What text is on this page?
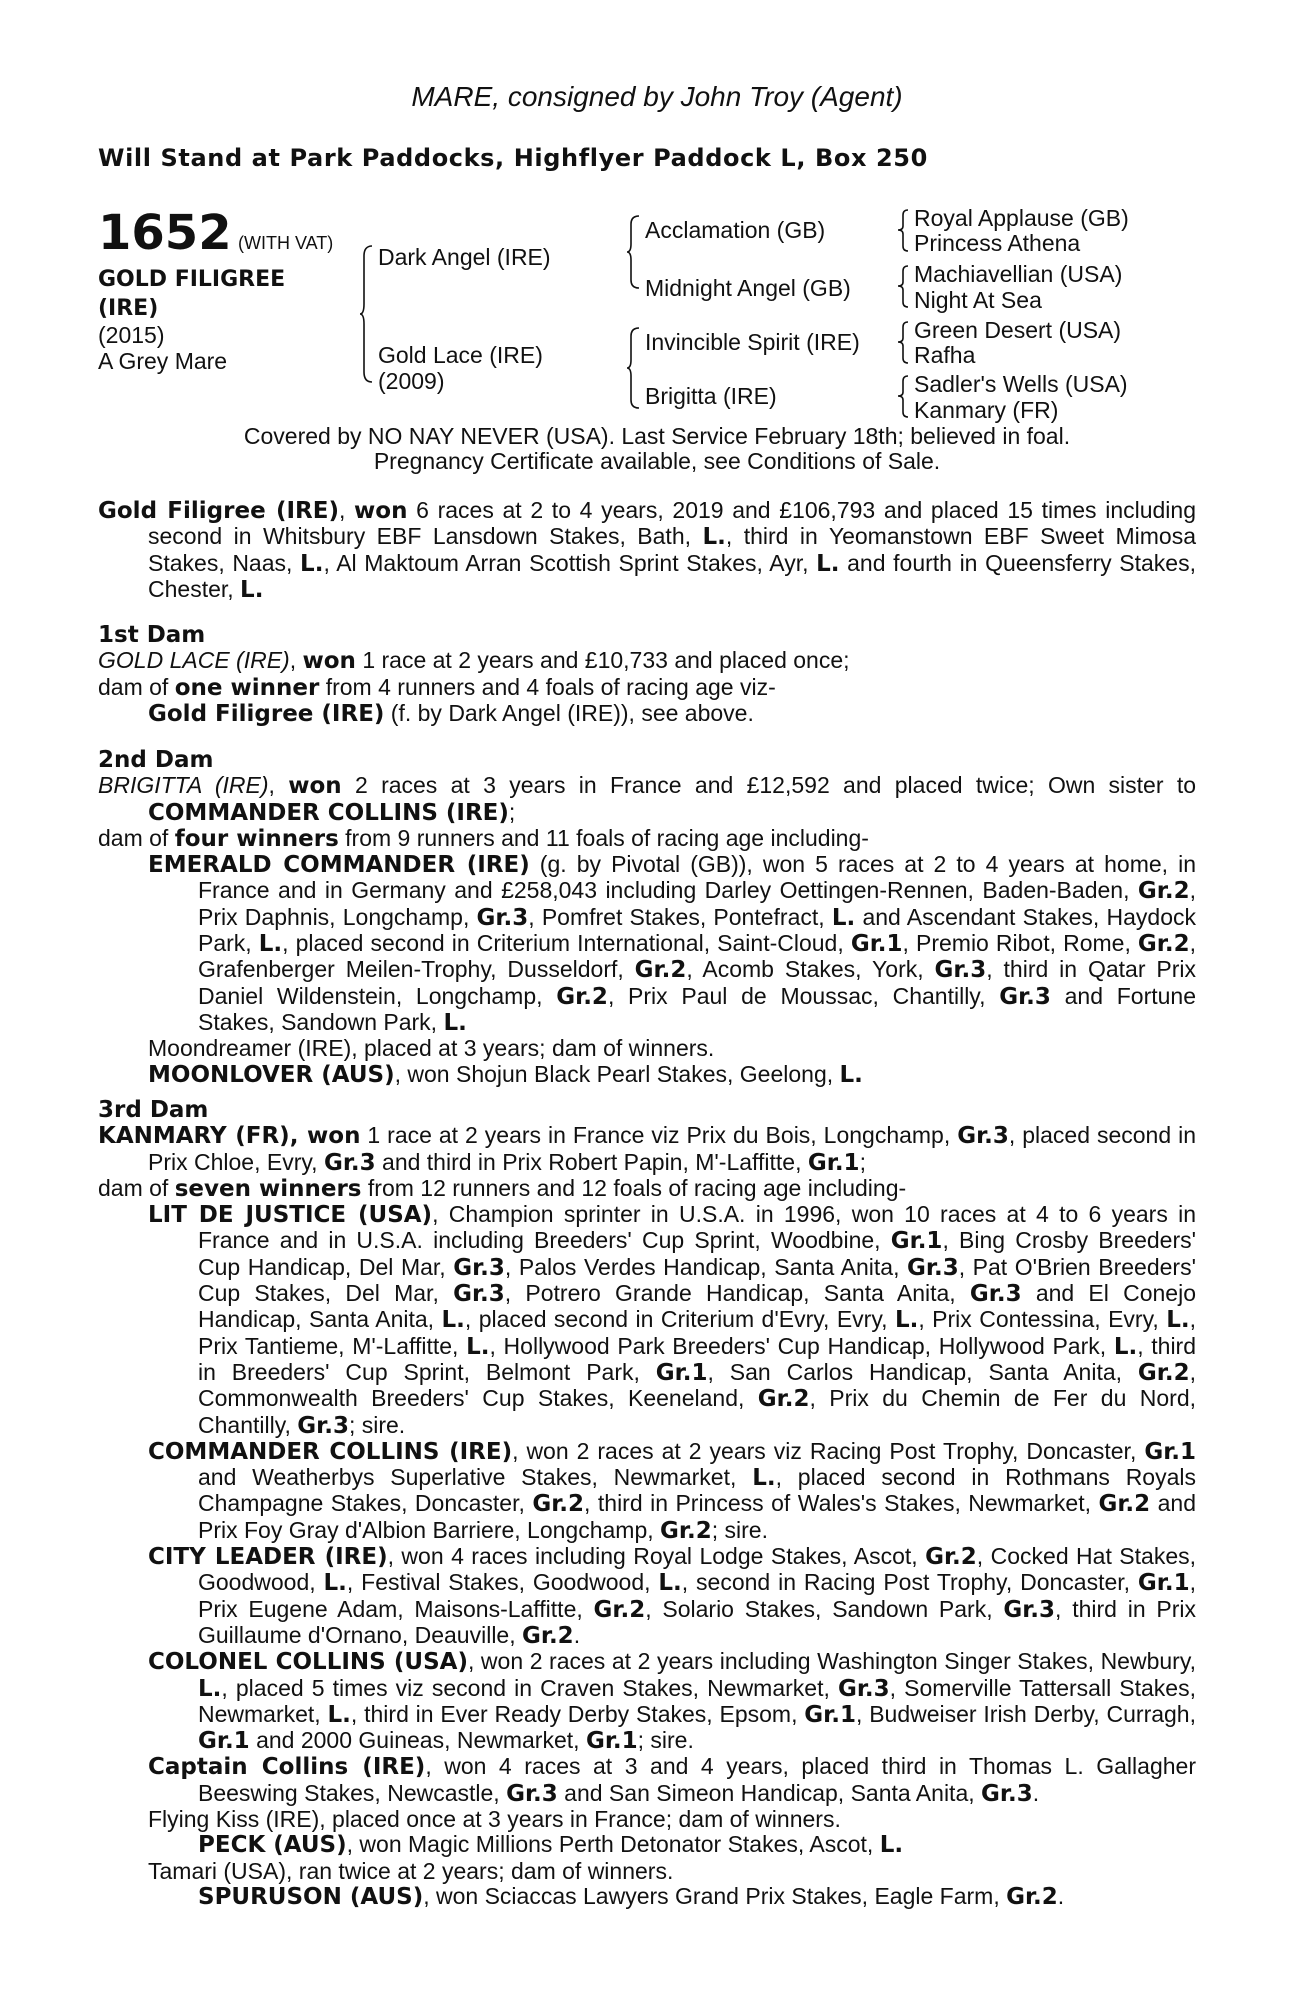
MARE, consigned by John Troy (Agent)
Will Stand at Park Paddocks, Highflyer Paddock L, Box 250
1652 (WITH VAT)
GOLD FILIGREE
(IRE)
(2015)
A Grey Mare
Dark Angel (IRE)
Gold Lace (IRE)
(2009)
Acclamation (GB)
Midnight Angel (GB)
Invincible Spirit (IRE)
Brigitta (IRE)
Royal Applause (GB)
Princess Athena
Machiavellian (USA)
Night At Sea
Green Desert (USA)
Rafha
Sadler's Wells (USA)
Kanmary (FR)
Covered by NO NAY NEVER (USA). Last Service February 18th; believed in foal.
Pregnancy Certificate available, see Conditions of Sale.

Gold Filigree (IRE), won 6 races at 2 to 4 years, 2019 and £106,793 and placed 15 times including second in Whitsbury EBF Lansdown Stakes, Bath, L., third in Yeomanstown EBF Sweet Mimosa Stakes, Naas, L., Al Maktoum Arran Scottish Sprint Stakes, Ayr, L. and fourth in Queensferry Stakes, Chester, L.

1st Dam

GOLD LACE (IRE), won 1 race at 2 years and £10,733 and placed once;

dam of one winner from 4 runners and 4 foals of racing age viz-

Gold Filigree (IRE) (f. by Dark Angel (IRE)), see above.

2nd Dam

BRIGITTA (IRE), won 2 races at 3 years in France and £12,592 and placed twice; Own sister to COMMANDER COLLINS (IRE);

dam of four winners from 9 runners and 11 foals of racing age including-

EMERALD COMMANDER (IRE) (g. by Pivotal (GB)), won 5 races at 2 to 4 years at home, in France and in Germany and £258,043 including Darley Oettingen-Rennen, Baden-Baden, Gr.2, Prix Daphnis, Longchamp, Gr.3, Pomfret Stakes, Pontefract, L. and Ascendant Stakes, Haydock Park, L., placed second in Criterium International, Saint-Cloud, Gr.1, Premio Ribot, Rome, Gr.2, Grafenberger Meilen-Trophy, Dusseldorf, Gr.2, Acomb Stakes, York, Gr.3, third in Qatar Prix Daniel Wildenstein, Longchamp, Gr.2, Prix Paul de Moussac, Chantilly, Gr.3 and Fortune Stakes, Sandown Park, L.

Moondreamer (IRE), placed at 3 years; dam of winners.

MOONLOVER (AUS), won Shojun Black Pearl Stakes, Geelong, L.

3rd Dam

KANMARY (FR), won 1 race at 2 years in France viz Prix du Bois, Longchamp, Gr.3, placed second in Prix Chloe, Evry, Gr.3 and third in Prix Robert Papin, M'-Laffitte, Gr.1;

dam of seven winners from 12 runners and 12 foals of racing age including-

LIT DE JUSTICE (USA), Champion sprinter in U.S.A. in 1996, won 10 races at 4 to 6 years in France and in U.S.A. including Breeders' Cup Sprint, Woodbine, Gr.1, Bing Crosby Breeders' Cup Handicap, Del Mar, Gr.3, Palos Verdes Handicap, Santa Anita, Gr.3, Pat O'Brien Breeders' Cup Stakes, Del Mar, Gr.3, Potrero Grande Handicap, Santa Anita, Gr.3 and El Conejo Handicap, Santa Anita, L., placed second in Criterium d'Evry, Evry, L., Prix Contessina, Evry, L., Prix Tantieme, M'-Laffitte, L., Hollywood Park Breeders' Cup Handicap, Hollywood Park, L., third in Breeders' Cup Sprint, Belmont Park, Gr.1, San Carlos Handicap, Santa Anita, Gr.2, Commonwealth Breeders' Cup Stakes, Keeneland, Gr.2, Prix du Chemin de Fer du Nord, Chantilly, Gr.3; sire.

COMMANDER COLLINS (IRE), won 2 races at 2 years viz Racing Post Trophy, Doncaster, Gr.1 and Weatherbys Superlative Stakes, Newmarket, L., placed second in Rothmans Royals Champagne Stakes, Doncaster, Gr.2, third in Princess of Wales's Stakes, Newmarket, Gr.2 and Prix Foy Gray d'Albion Barriere, Longchamp, Gr.2; sire.

CITY LEADER (IRE), won 4 races including Royal Lodge Stakes, Ascot, Gr.2, Cocked Hat Stakes, Goodwood, L., Festival Stakes, Goodwood, L., second in Racing Post Trophy, Doncaster, Gr.1, Prix Eugene Adam, Maisons-Laffitte, Gr.2, Solario Stakes, Sandown Park, Gr.3, third in Prix Guillaume d'Ornano, Deauville, Gr.2.

COLONEL COLLINS (USA), won 2 races at 2 years including Washington Singer Stakes, Newbury, L., placed 5 times viz second in Craven Stakes, Newmarket, Gr.3, Somerville Tattersall Stakes, Newmarket, L., third in Ever Ready Derby Stakes, Epsom, Gr.1, Budweiser Irish Derby, Curragh, Gr.1 and 2000 Guineas, Newmarket, Gr.1; sire.

Captain Collins (IRE), won 4 races at 3 and 4 years, placed third in Thomas L. Gallagher Beeswing Stakes, Newcastle, Gr.3 and San Simeon Handicap, Santa Anita, Gr.3.

Flying Kiss (IRE), placed once at 3 years in France; dam of winners.

PECK (AUS), won Magic Millions Perth Detonator Stakes, Ascot, L.

Tamari (USA), ran twice at 2 years; dam of winners.

SPURUSON (AUS), won Sciaccas Lawyers Grand Prix Stakes, Eagle Farm, Gr.2.
